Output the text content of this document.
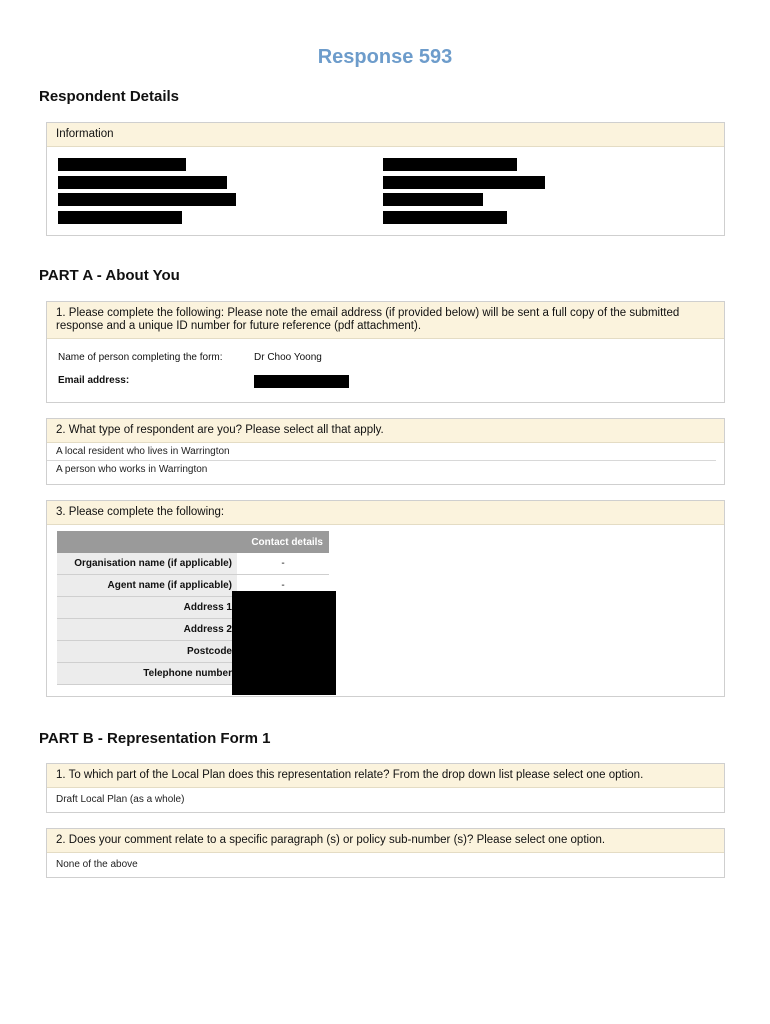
Response 593
Respondent Details
Information
PART A - About You
1. Please complete the following: Please note the email address (if provided below) will be sent a full copy of the submitted response and a unique ID number for future reference (pdf attachment).
Name of person completing the form:	Dr Choo Yoong
Email address:
2. What type of respondent are you? Please select all that apply.
A local resident who lives in Warrington
A person who works in Warrington
3. Please complete the following:
	Contact details
Organisation name (if applicable)	-
Agent name (if applicable)	-
Address 1	
Address 2	
Postcode	
Telephone number	
PART B - Representation Form 1
1. To which part of the Local Plan does this representation relate? From the drop down list please select one option.
Draft Local Plan (as a whole)
2. Does your comment relate to a specific paragraph (s) or policy sub-number (s)? Please select one option.
None of the above
